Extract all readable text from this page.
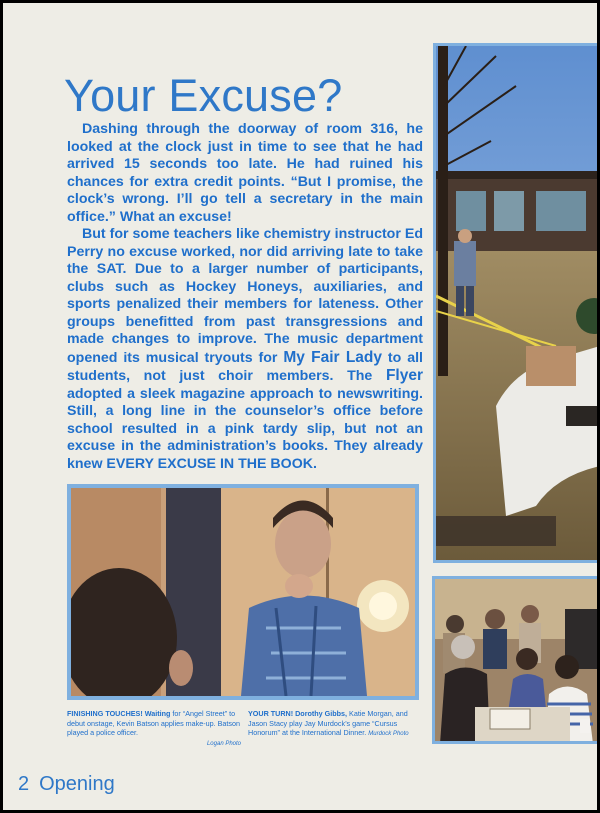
Your Excuse?

Dashing through the doorway of room 316, he looked at the clock just in time to see that he had arrived 15 seconds too late. He had ruined his chances for extra credit points. “But I promise, the clock’s wrong. I’ll go tell a secretary in the main office.” What an excuse!

But for some teachers like chemistry instructor Ed Perry no excuse worked, nor did arriving late to take the SAT. Due to a larger number of participants, clubs such as Hockey Honeys, auxiliaries, and sports penalized their members for lateness. Other groups benefitted from past transgressions and made changes to improve. The music department opened its musical tryouts for My Fair Lady to all students, not just choir members. The Flyer adopted a sleek magazine approach to newswriting. Still, a long line in the counselor’s office before school resulted in a pink tardy slip, but not an excuse in the administration’s books. They already knew EVERY EXCUSE IN THE BOOK.

FINISHING TOUCHES! Waiting for “Angel Street” to debut onstage, Kevin Batson applies make-up. Batson played a police officer.Logan Photo
YOUR TURN! Dorothy Gibbs, Katie Morgan, and Jason Stacy play Jay Murdock’s game “Cursus Honorum” at the International Dinner. Murdock Photo
2 Opening
